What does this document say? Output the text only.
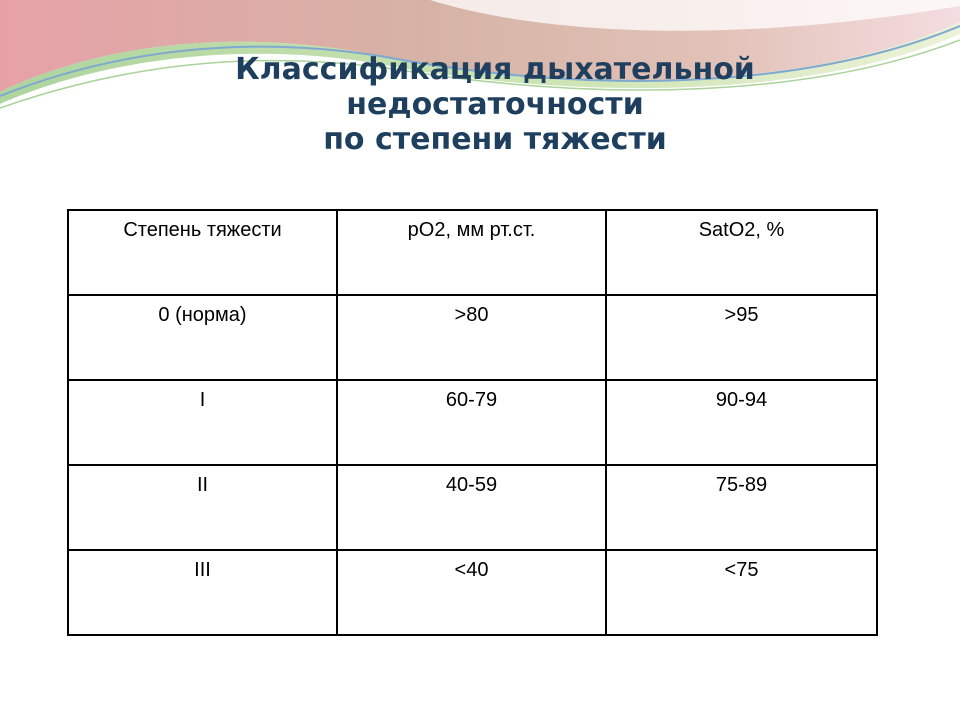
Классификация дыхательной
недостаточности
по степени тяжести
Степень тяжести	рО2, мм рт.ст.	SatO2, %
0 (норма)	>80	>95
I	60-79	90-94
II	40-59	75-89
III	<40	<75
